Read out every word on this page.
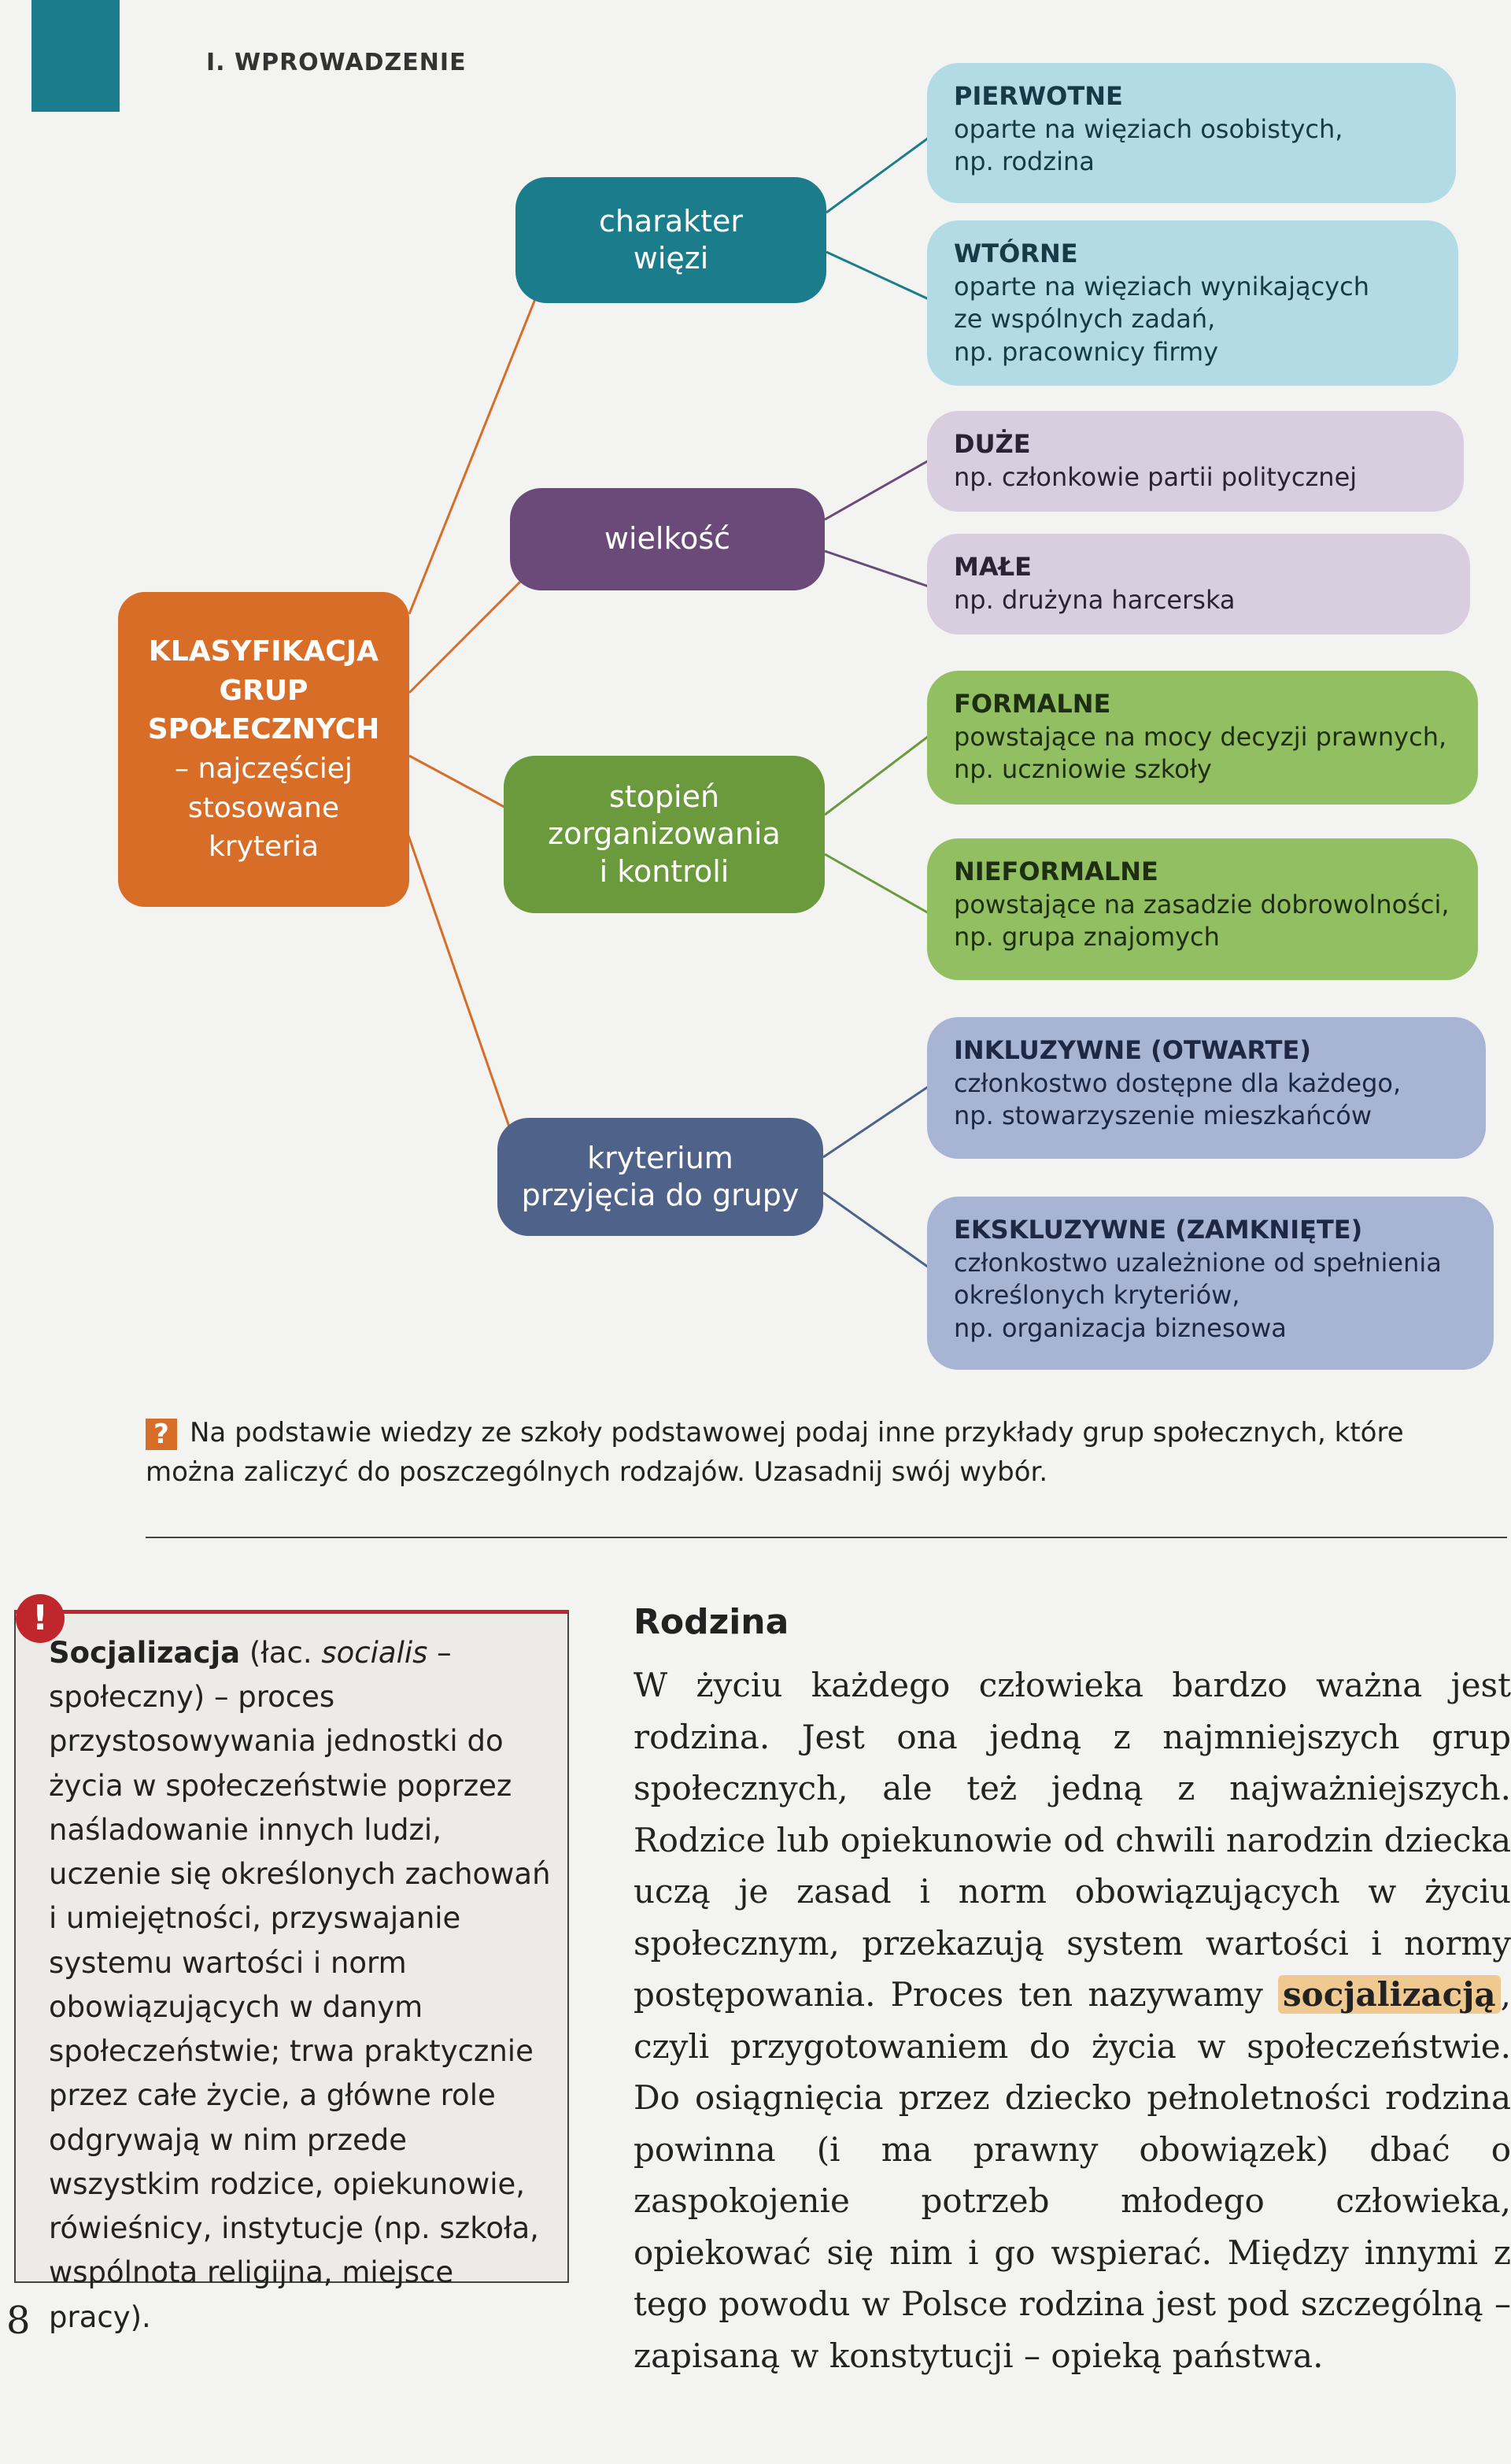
I. WPROWADZENIE
KLASYFIKACJA
GRUP
SPOŁECZNYCH
– najczęściej
stosowane
kryteria
charakter
więzi
wielkość
stopień
zorganizowania
i kontroli
kryterium
przyjęcia do grupy
PIERWOTNE
oparte na więziach osobistych,
np. rodzina
WTÓRNE
oparte na więziach wynikających
ze wspólnych zadań,
np. pracownicy firmy
DUŻE
np. członkowie partii politycznej
MAŁE
np. drużyna harcerska
FORMALNE
powstające na mocy decyzji prawnych,
np. uczniowie szkoły
NIEFORMALNE
powstające na zasadzie dobrowolności,
np. grupa znajomych
INKLUZYWNE (OTWARTE)
członkostwo dostępne dla każdego,
np. stowarzyszenie mieszkańców
EKSKLUZYWNE (ZAMKNIĘTE)
członkostwo uzależnione od spełnienia
określonych kryteriów,
np. organizacja biznesowa
? Na podstawie wiedzy ze szkoły podstawowej podaj inne przykłady grup społecznych, które można zaliczyć do poszczególnych rodzajów. Uzasadnij swój wybór.
!
Socjalizacja (łac. socialis – społeczny) – proces przystosowywania jednostki do życia w społeczeństwie poprzez naśladowanie innych ludzi, uczenie się określonych zachowań i umiejętności, przyswajanie systemu wartości i norm obowiązujących w danym społeczeństwie; trwa praktycznie przez całe życie, a główne role odgrywają w nim przede wszystkim rodzice, opiekunowie, rówieśnicy, instytucje (np. szkoła, wspólnota religijna, miejsce pracy).
Rodzina
W życiu każdego człowieka bardzo ważna jest rodzina. Jest ona jedną z najmniejszych grup społecznych, ale też jedną z najważniejszych. Rodzice lub opiekunowie od chwili narodzin dziecka uczą je zasad i norm obowiązujących w życiu społecznym, przekazują system wartości i normy postępowania. Proces ten nazywamy socjalizacją , czyli przygotowaniem do życia w społeczeństwie. Do osiągnięcia przez dziecko pełnoletności rodzina powinna (i ma prawny obowiązek) dbać o zaspokojenie potrzeb młodego człowieka, opiekować się nim i go wspierać. Między innymi z tego powodu w Polsce rodzina jest pod szczególną – zapisaną w konstytucji – opieką państwa.
8
